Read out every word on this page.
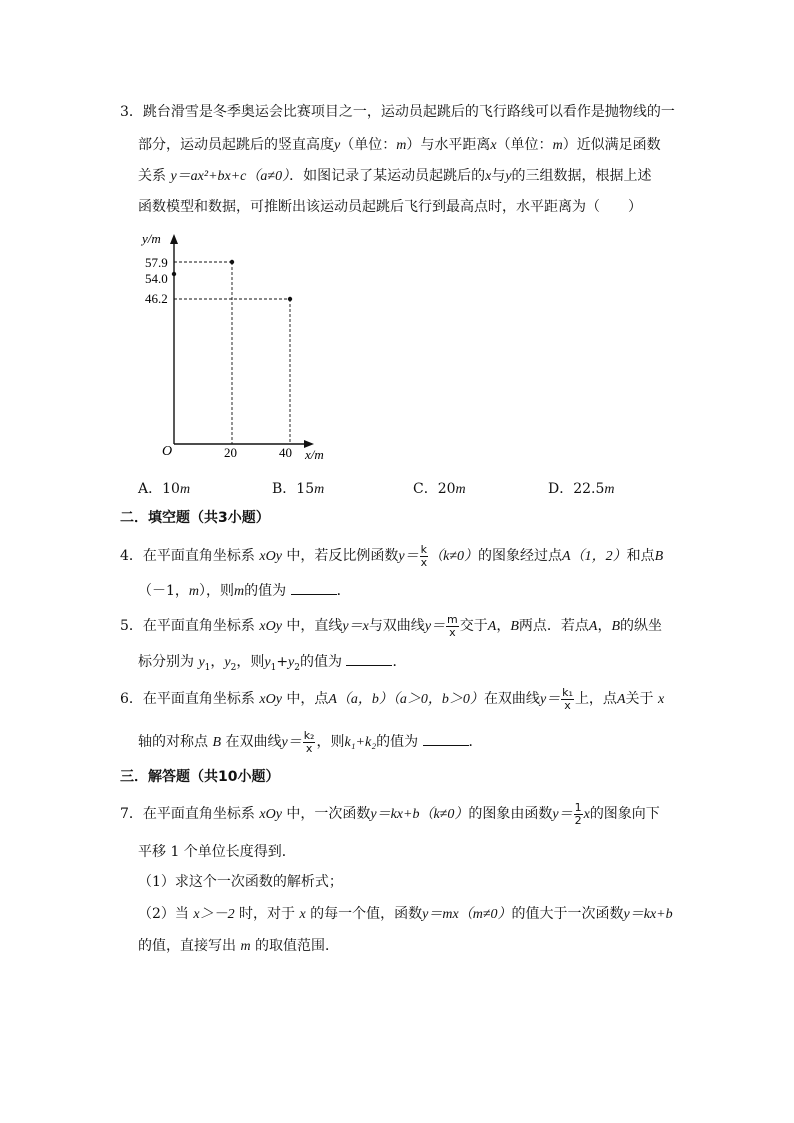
3．跳台滑雪是冬季奥运会比赛项目之一，运动员起跳后的飞行路线可以看作是抛物线的一
部分，运动员起跳后的竖直高度y（单位：m）与水平距离x（单位：m）近似满足函数
关系 y＝ax²+bx+c（a≠0）．如图记录了某运动员起跳后的x与y的三组数据，根据上述
函数模型和数据，可推断出该运动员起跳后飞行到最高点时，水平距离为（　　）
y/m
x/m
O
57.9
54.0
46.2
20	40
A．10m	B．15m	C．20m	D．22.5m
二．填空题（共3小题）
4．在平面直角坐标系 xOy 中，若反比例函数$y= \frac{k}{x} (k\ne 0)$的图象经过点A（1，2）和点B
（－1，m），则m的值为	．
5．在平面直角坐标系 xOy 中，直线y＝x与双曲线$y= \frac{m}{x}$ 交于A，B两点．若点A，B的纵坐
标分别为 $y_1$，$y_2$，则$y_1+y_2$的值为	．
6．在平面直角坐标系 xOy 中，点A（a，b）（a＞0，b＞0）在双曲线$y= \frac{\text{k₁}}{x}$ 上，点A关于 x
轴的对称点 B 在双曲线$y= \frac{\text{k₂}}{x}$ ，则k₁+k₂的值为	．
三．解答题（共10小题）
7．在平面直角坐标系 xOy 中，一次函数y＝kx+b（k≠0）的图象由函数$y= \frac{1}{2}$ x的图象向下
平移 1 个单位长度得到．
（1）求这个一次函数的解析式；
（2）当 x＞－2 时，对于 x 的每一个值，函数y＝mx（m≠0）的值大于一次函数y＝kx+b
的值，直接写出 m 的取值范围．
